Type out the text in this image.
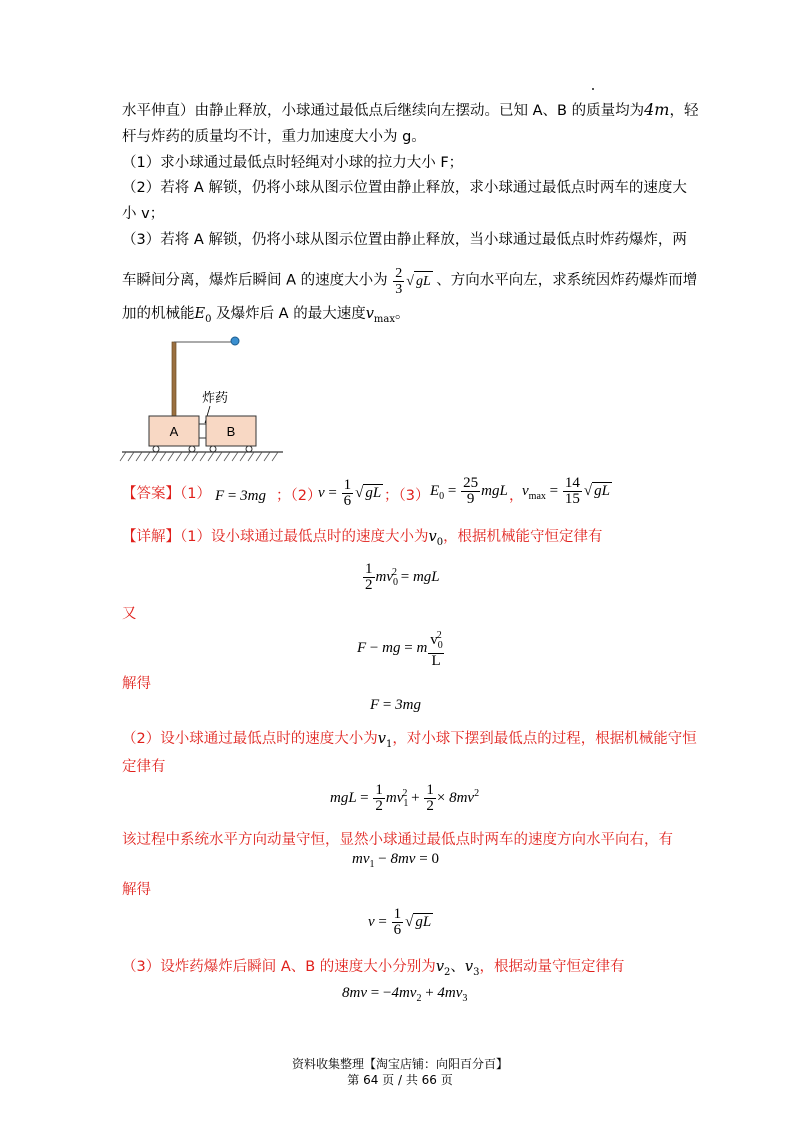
水平伸直）由静止释放，小球通过最低点后继续向左摆动。已知 A、B 的质量均为4m，轻
杆与炸药的质量均不计，重力加速度大小为 g。
（1）求小球通过最低点时轻绳对小球的拉力大小 F；
（2）若将 A 解锁，仍将小球从图示位置由静止释放，求小球通过最低点时两车的速度大
小 v；
（3）若将 A 解锁，仍将小球从图示位置由静止释放，当小球通过最低点时炸药爆炸，两
车瞬间分离，爆炸后瞬间 A 的速度大小为 $\frac{2}{3}$ √ gL 、方向水平向左，求系统因炸药爆炸而增
加的机械能$E_0$ 及爆炸后 A 的最大速度$v_{max}$。
炸药
A	B
【答案】（1） F = 3mg ；（2）
$v = \frac{1}{6}$ √ gL ；（3） $E_0 = \frac{25}{9}$ mgL ，
$v_{max} = \frac{14}{15}$ √ gL
【详解】（1）设小球通过最低点时的速度大小为$v_0$，根据机械能守恒定律有
$\frac{1}{2} mv_0^2$ = mgL
又
F − mg = m $\frac{v_0^2}{L}$
解得
F = 3mg
（2）设小球通过最低点时的速度大小为$v_1$，对小球下摆到最低点的过程，根据机械能守恒
定律有
mgL = $\frac{1}{2} mv_1^2 + \frac{1}{2} \times 8mv^2$
该过程中系统水平方向动量守恒，显然小球通过最低点时两车的速度方向水平向右，有
$mv_1 - 8mv = 0$
解得
$v = \frac{1}{6}$ √ gL
（3）设炸药爆炸后瞬间 A、B 的速度大小分别为$v_2$、$v_3$，根据动量守恒定律有
$8mv = -4mv_2 + 4mv_3$
资料收集整理【淘宝店铺：向阳百分百】
第 64 页 / 共 66 页
